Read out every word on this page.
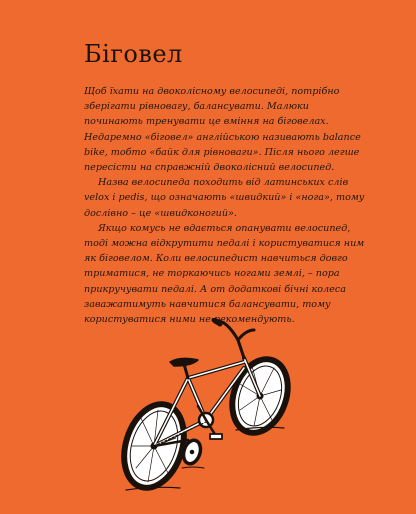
Біговел

Щоб їхати на двоколісному велосипеді, потрібно зберігати рівновагу, балансувати. Малюки починають тренувати це вміння на біговелах. Недаремно «біговел» англійською називають balance bike, тобто «байк для рівноваги». Після нього легше пересісти на справжній двоколісний велосипед.

Назва велосипеда походить від латинських слів velox і pedis, що означають «швидкий» і «нога», тому дослівно – це «швидконогий».

Якщо комусь не вдається опанувати велосипед, тоді можна відкрутити педалі і користуватися ним як біговелом. Коли велосипедист навчиться довго триматися, не торкаючись ногами землі, – пора прикручувати педалі. А от додаткові бічні колеса заважатимуть навчитися балансувати, тому користуватися ними не рекомендують.
